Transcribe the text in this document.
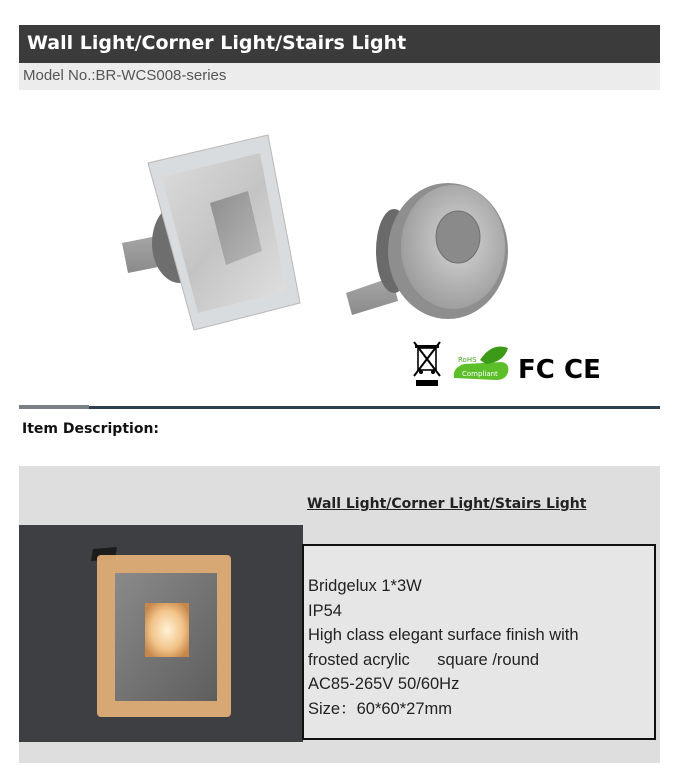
Wall Light/Corner Light/Stairs Light
Model No.:BR-WCS008-series
RoHS
Compliant FC CE
Item Description:
Wall Light/Corner Light/Stairs Light
Bridgelux 1*3W
IP54
High class elegant surface finish with
frosted acrylic      square /round
AC85-265V 50/60Hz
Size：60*60*27mm
